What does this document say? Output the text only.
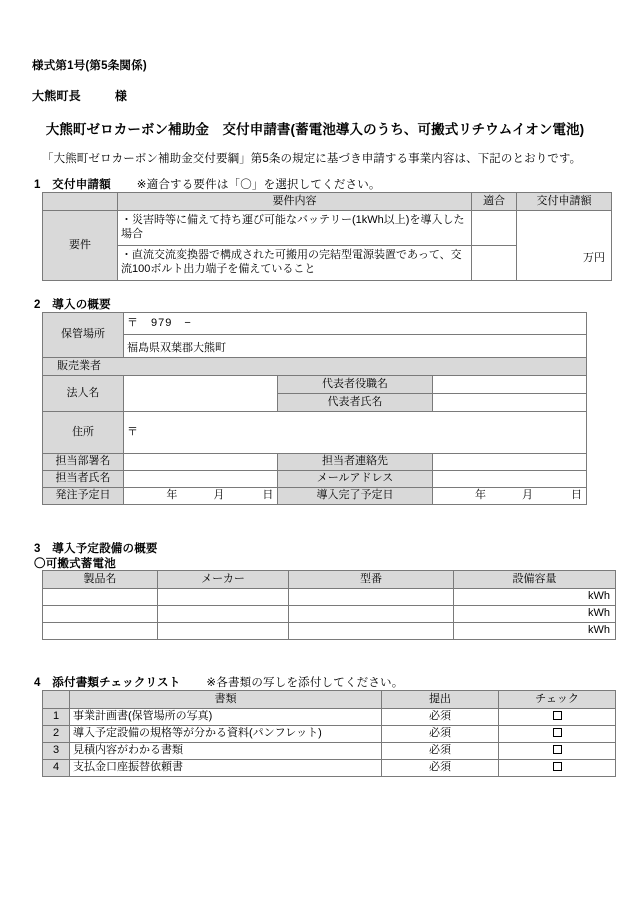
様式第1号(第5条関係)
大熊町長	様
大熊町ゼロカーボン補助金　交付申請書(蓄電池導入のうち、可搬式リチウムイオン電池)
「大熊町ゼロカーボン補助金交付要綱」第5条の規定に基づき申請する事業内容は、下記のとおりです。
1　交付申請額 ※適合する要件は「〇」を選択してください。
	要件内容	適合	交付申請額
要件	・災害時等に備えて持ち運び可能なバッテリー(1kWh以上)を導入した場合		万円
	・直流交流変換器で構成された可搬用の完結型電源装置であって、交流100ボルト出力端子を備えていること		
2　導入の概要
保管場所	〒　979　−		
	福島県双葉郡大熊町		
販売業者			
法人名		代表者役職名	
		代表者氏名	
住所	〒		
担当部署名		担当者連絡先	
担当者氏名		メールアドレス	
発注予定日	年 月 日	導入完了予定日	年 月 日
3　導入予定設備の概要
〇可搬式蓄電池
製品名	メーカー	型番	設備容量
			kWh
			kWh
			kWh
4　添付書類チェックリスト ※各書類の写しを添付してください。
	書類	提出	チェック
1	事業計画書(保管場所の写真)	必須	
2	導入予定設備の規格等が分かる資料(パンフレット)	必須	
3	見積内容がわかる書類	必須	
4	支払金口座振替依頼書	必須	
